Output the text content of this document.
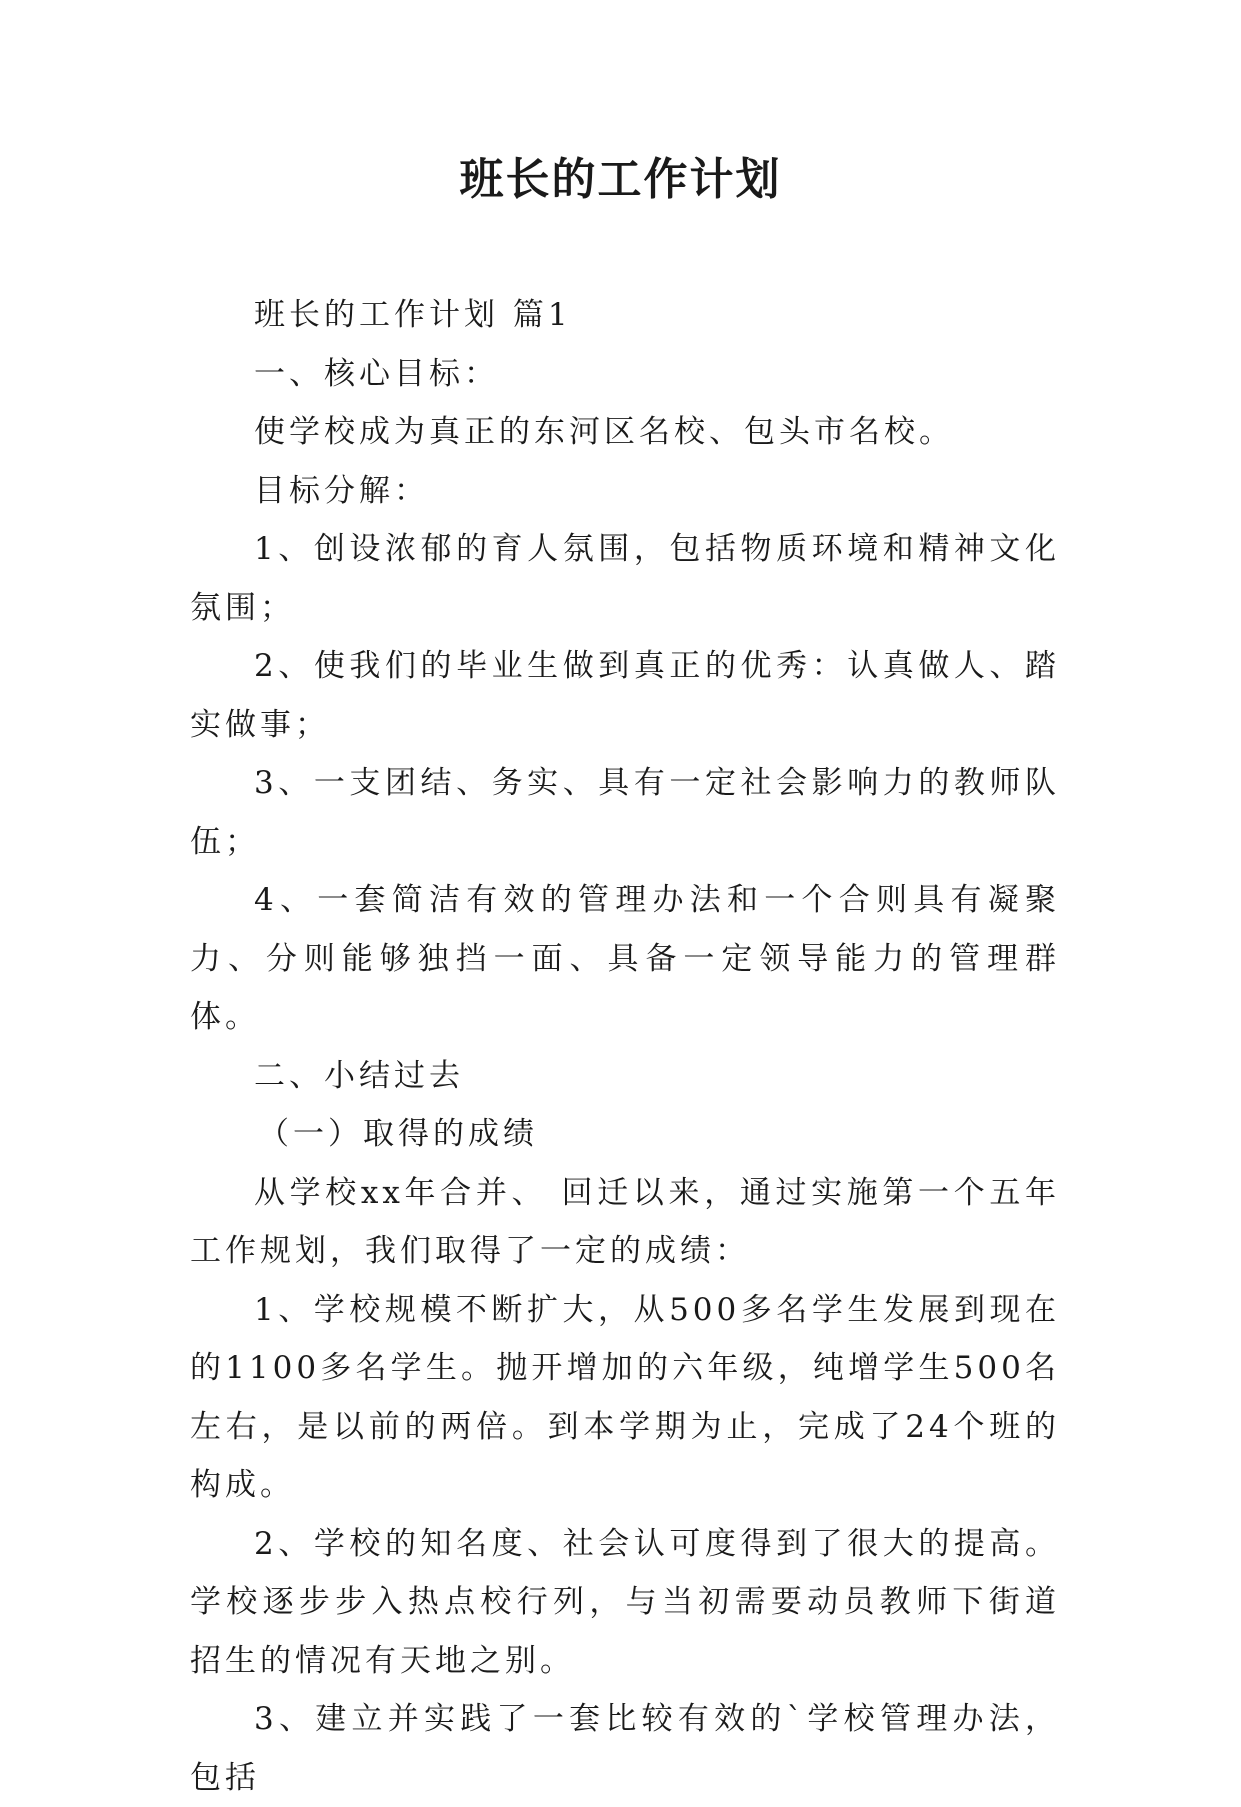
班长的工作计划

班长的工作计划 篇1

一、核心目标：

使学校成为真正的东河区名校、包头市名校。

目标分解：

1、创设浓郁的育人氛围，包括物质环境和精神文化氛围；

2、使我们的毕业生做到真正的优秀：认真做人、踏实做事；

3、一支团结、务实、具有一定社会影响力的教师队伍；

4、一套简洁有效的管理办法和一个合则具有凝聚力、分则能够独挡一面、具备一定领导能力的管理群体。

二、小结过去

（一）取得的成绩

从学校xx年合并、 回迁以来，通过实施第一个五年工作规划，我们取得了一定的成绩：

1、学校规模不断扩大，从500多名学生发展到现在的1100多名学生。抛开增加的六年级，纯增学生500名左右，是以前的两倍。到本学期为止，完成了24个班的构成。

2、学校的知名度、社会认可度得到了很大的提高。学校逐步步入热点校行列，与当初需要动员教师下街道招生的情况有天地之别。

3、建立并实践了一套比较有效的`学校管理办法，包括
